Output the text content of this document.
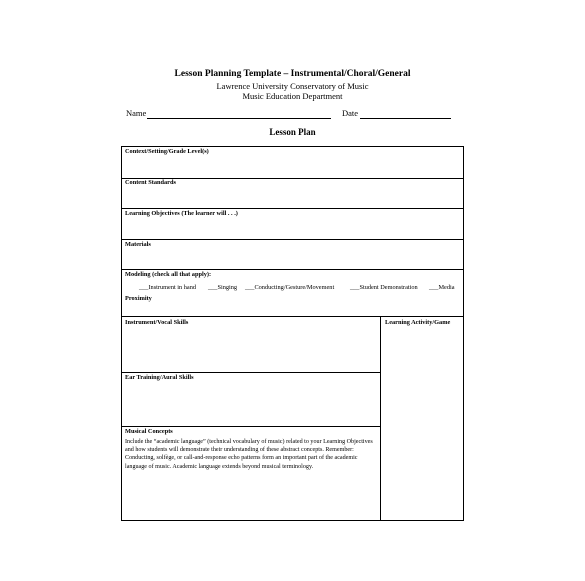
Lesson Planning Template – Instrumental/Choral/General
Lawrence University Conservatory of Music
Music Education Department
Name	Date
Lesson Plan
Context/Setting/Grade Level(s)
Content Standards
Learning Objectives (The learner will . . .)
Materials
Modeling (check all that apply):
___Instrument in hand ___Singing ___Conducting/Gesture/Movement	___Student Demonstration ___Media
Proximity
Instrument/Vocal Skills	Learning Activity/Game
Ear Training/Aural Skills
Musical Concepts
Include the “academic language” (technical vocabulary of music) related to your Learning Objectives and how students will demonstrate their understanding of these abstract concepts. Remember: Conducting, solfège, or call-and-response echo patterns form an important part of the academic language of music. Academic language extends beyond musical terminology.
